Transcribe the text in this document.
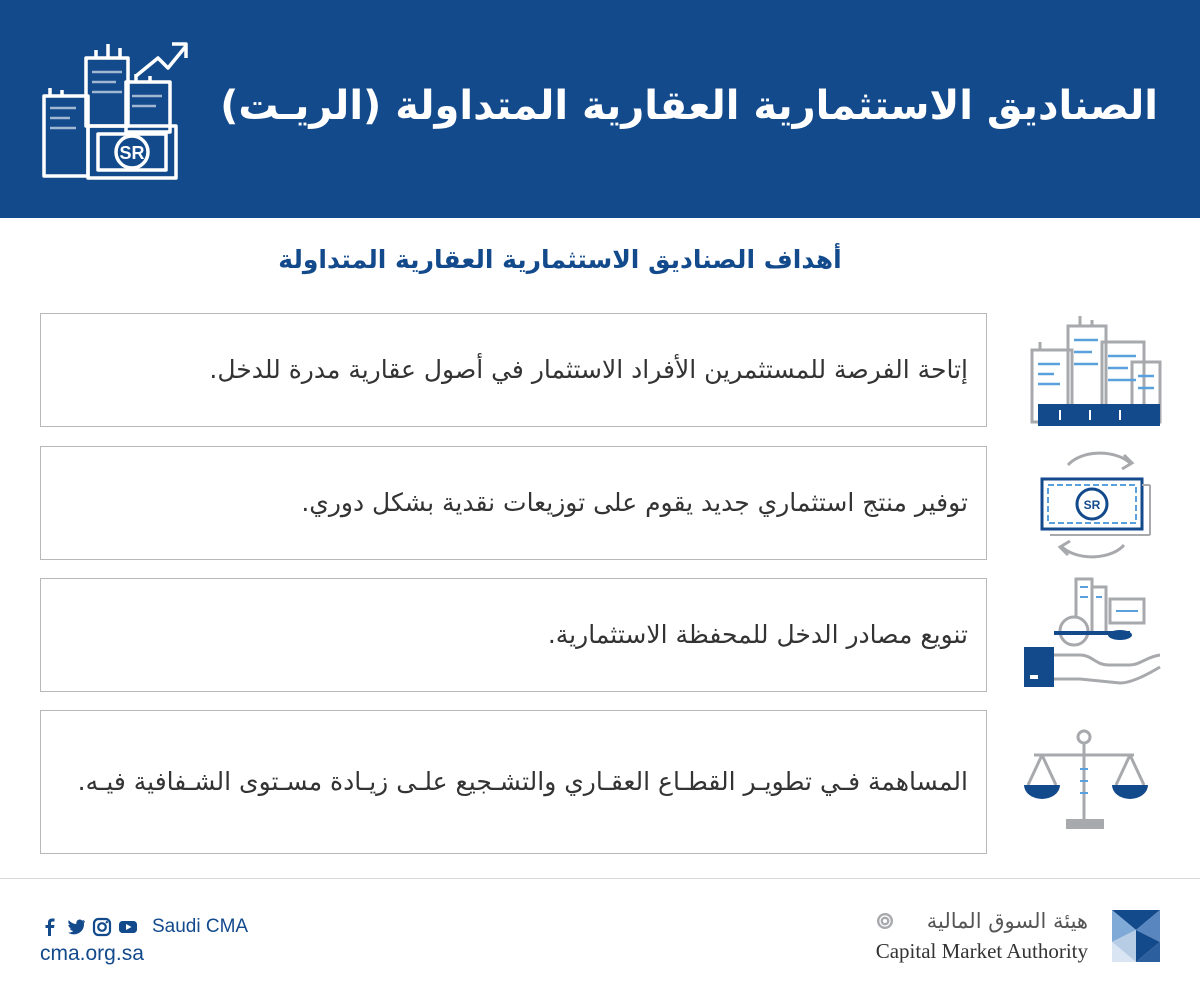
SR
الصناديق الاستثمارية العقارية المتداولة (الريـت)
أهداف الصناديق الاستثمارية العقارية المتداولة
إتاحة الفرصة للمستثمرين الأفراد الاستثمار في أصول عقارية مدرة للدخل.
توفير منتج استثماري جديد يقوم على توزيعات نقدية بشكل دوري.	SR
تنويع مصادر الدخل للمحفظة الاستثمارية.
المساهمة فـي تطويـر القطـاع العقـاري والتشـجيع علـى زيـادة مسـتوى الشـفافية فيـه.
Saudi CMA
cma.org.sa
هيئة السوق المالية
Capital Market Authority
